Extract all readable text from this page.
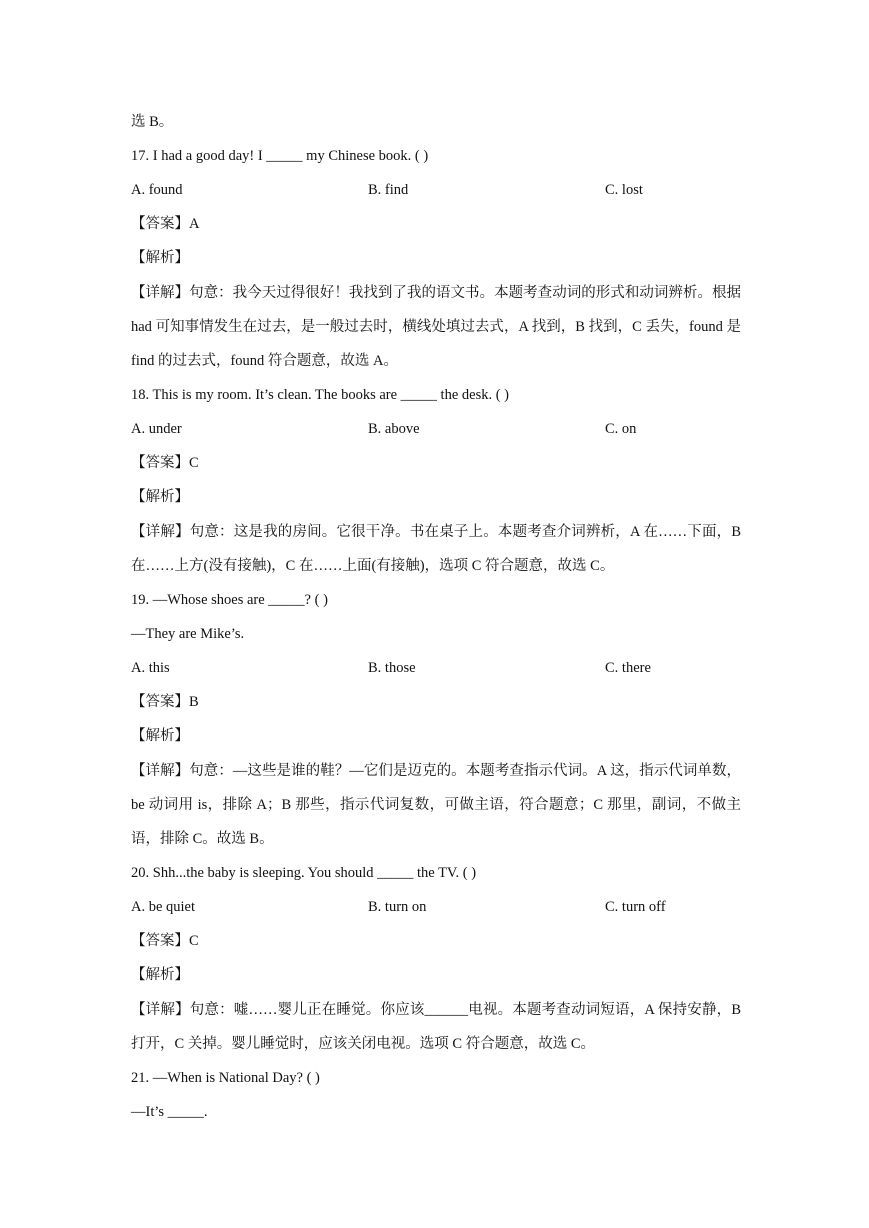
选 B。
17. I had a good day! I _____ my Chinese book. ( )
A. found	B. find	C. lost
【答案】A
【解析】
【详解】句意：我今天过得很好！我找到了我的语文书。本题考查动词的形式和动词辨析。根据 had 可知事情发生在过去，是一般过去时，横线处填过去式，A 找到，B 找到，C 丢失，found 是 find 的过去式，found 符合题意，故选 A。
18. This is my room. It’s clean. The books are _____ the desk. ( )
A. under	B. above	C. on
【答案】C
【解析】
【详解】句意：这是我的房间。它很干净。书在桌子上。本题考查介词辨析，A 在……下面，B 在……上方(没有接触)，C 在……上面(有接触)，选项 C 符合题意，故选 C。
19. —Whose shoes are _____? ( )
—They are Mike’s.
A. this	B. those	C. there
【答案】B
【解析】
【详解】句意：—这些是谁的鞋？—它们是迈克的。本题考查指示代词。A 这，指示代词单数，be 动词用 is，排除 A；B 那些，指示代词复数，可做主语，符合题意；C 那里，副词，不做主语，排除 C。故选 B。
20. Shh...the baby is sleeping. You should _____ the TV. ( )
A. be quiet	B. turn on	C. turn off
【答案】C
【解析】
【详解】句意：嘘……婴儿正在睡觉。你应该______电视。本题考查动词短语，A 保持安静，B 打开，C 关掉。婴儿睡觉时，应该关闭电视。选项 C 符合题意，故选 C。
21. —When is National Day? ( )
—It’s _____.
